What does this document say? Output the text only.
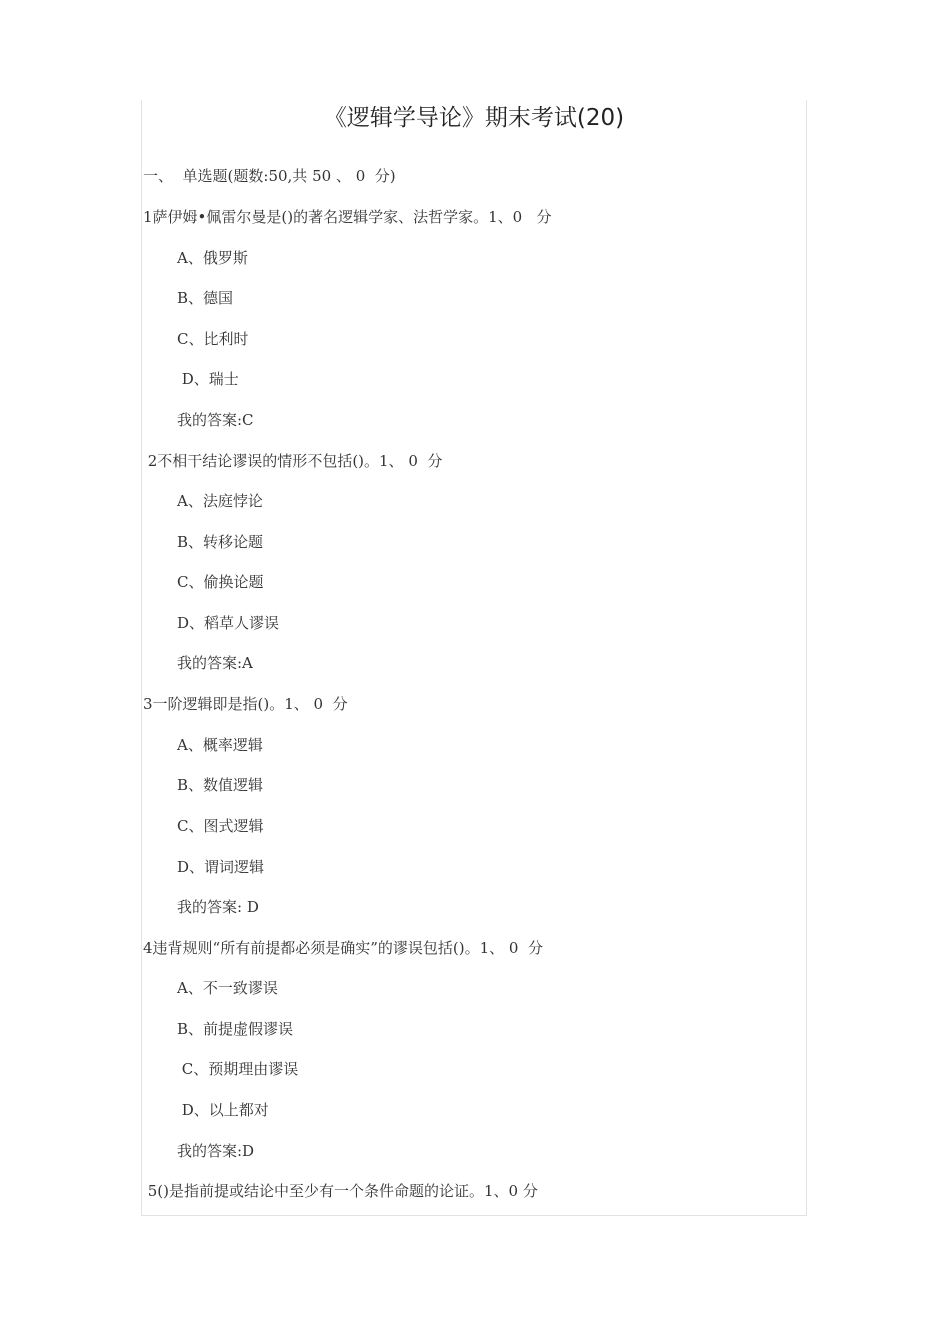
《逻辑学导论》期末考试(20)
一、  单选题(题数:50,共 50 、 0  分)
1萨伊姆•佩雷尔曼是()的著名逻辑学家、法哲学家。1、0   分
A、俄罗斯
B、德国
C、比利时
D、瑞士
我的答案:C
2不相干结论谬误的情形不包括()。1、 0  分
A、法庭悖论
B、转移论题
C、偷换论题
D、稻草人谬误
我的答案:A
3一阶逻辑即是指()。1、 0  分
A、概率逻辑
B、数值逻辑
C、图式逻辑
D、谓词逻辑
我的答案: D
4违背规则“所有前提都必须是确实”的谬误包括()。1、 0  分
A、不一致谬误
B、前提虚假谬误
C、预期理由谬误
D、以上都对
我的答案:D
5()是指前提或结论中至少有一个条件命题的论证。1、0 分
